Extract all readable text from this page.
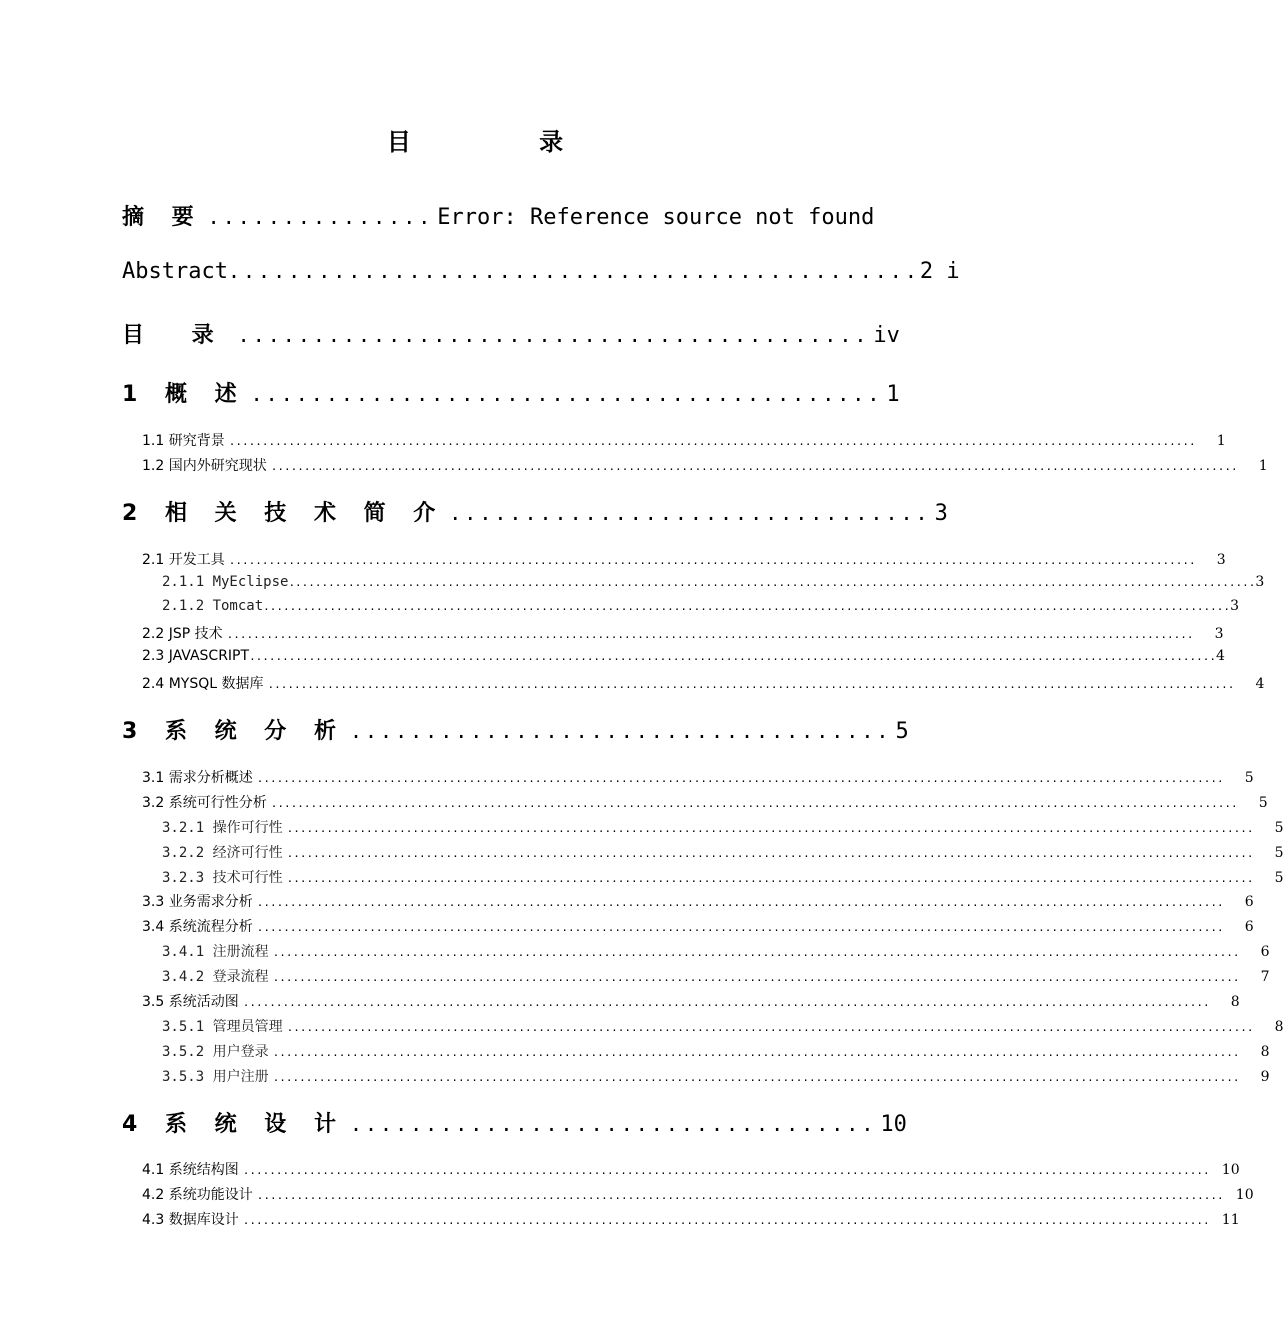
目 录
摘 要 ............... Error: Reference source not found
Abstract .............................................. 2 i
目 录 .......................................... iv
1 概 述 .......................................... 1
1.1 研究背景 ..................................................................................................................................................	1
1.2 国内外研究现状 ..................................................................................................................................................	1
2 相 关 技 术 简 介 ................................ 3
2.1 开发工具 ..................................................................................................................................................	3
2.1.1 MyEclipse .................................................................................................................................................. 3
2.1.2 Tomcat .................................................................................................................................................. 3
2.2 JSP 技术 ..................................................................................................................................................	3
2.3 JAVASCRIPT .................................................................................................................................................. 4
2.4 MYSQL 数据库 ..................................................................................................................................................	4
3 系 统 分 析 .................................... 5
3.1 需求分析概述 ..................................................................................................................................................	5
3.2 系统可行性分析 ..................................................................................................................................................	5
3.2.1 操作可行性 ..................................................................................................................................................	5
3.2.2 经济可行性 ..................................................................................................................................................	5
3.2.3 技术可行性 ..................................................................................................................................................	5
3.3 业务需求分析 ..................................................................................................................................................	6
3.4 系统流程分析 ..................................................................................................................................................	6
3.4.1 注册流程 ..................................................................................................................................................	6
3.4.2 登录流程 ..................................................................................................................................................	7
3.5 系统活动图 ..................................................................................................................................................	8
3.5.1 管理员管理 ..................................................................................................................................................	8
3.5.2 用户登录 ..................................................................................................................................................	8
3.5.3 用户注册 ..................................................................................................................................................	9
4 系 统 设 计 ................................... 10
4.1 系统结构图 .................................................................................................................................................. 10
4.2 系统功能设计 .................................................................................................................................................. 10
4.3 数据库设计 .................................................................................................................................................. 11
